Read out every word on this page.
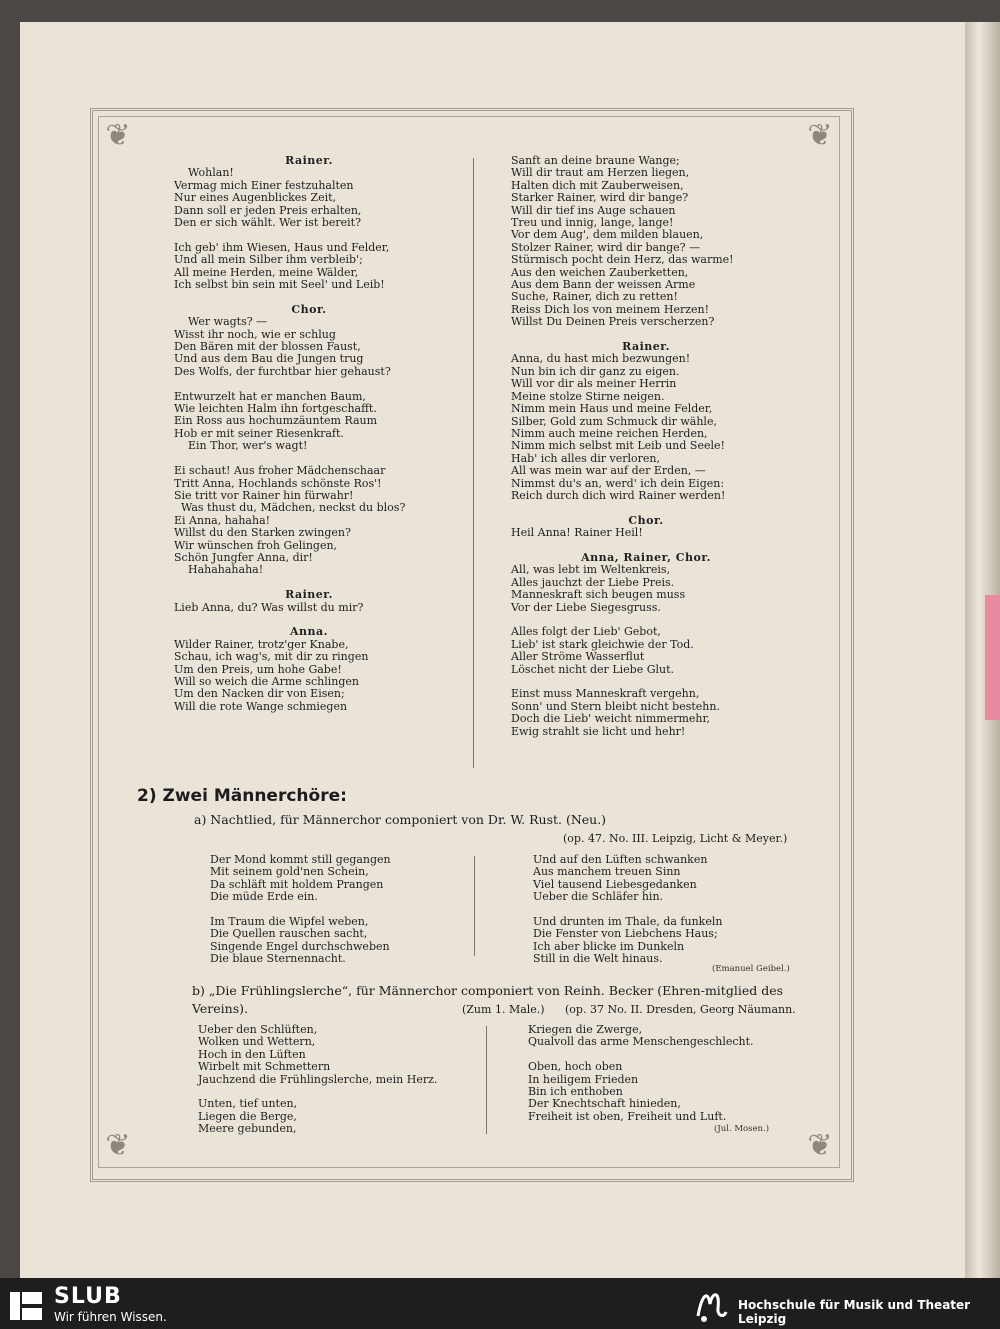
❦	❦
❦	❦
Rainer.
Wohlan!
Vermag mich Einer festzuhalten
Nur eines Augenblickes Zeit,
Dann soll er jeden Preis erhalten,
Den er sich wählt. Wer ist bereit?
Ich geb' ihm Wiesen, Haus und Felder,
Und all mein Silber ihm verbleib';
All meine Herden, meine Wälder,
Ich selbst bin sein mit Seel' und Leib!
Chor.
Wer wagts? —
Wisst ihr noch, wie er schlug
Den Bären mit der blossen Faust,
Und aus dem Bau die Jungen trug
Des Wolfs, der furchtbar hier gehaust?
Entwurzelt hat er manchen Baum,
Wie leichten Halm ihn fortgeschafft.
Ein Ross aus hochumzäuntem Raum
Hob er mit seiner Riesenkraft.
Ein Thor, wer's wagt!
Ei schaut! Aus froher Mädchenschaar
Tritt Anna, Hochlands schönste Ros'!
Sie tritt vor Rainer hin fürwahr!
Was thust du, Mädchen, neckst du blos?
Ei Anna, hahaha!
Willst du den Starken zwingen?
Wir wünschen froh Gelingen,
Schön Jungfer Anna, dir!
Hahahahaha!
Rainer.
Lieb Anna, du? Was willst du mir?
Anna.
Wilder Rainer, trotz'ger Knabe,
Schau, ich wag's, mit dir zu ringen
Um den Preis, um hohe Gabe!
Will so weich die Arme schlingen
Um den Nacken dir von Eisen;
Will die rote Wange schmiegen
Sanft an deine braune Wange;
Will dir traut am Herzen liegen,
Halten dich mit Zauberweisen,
Starker Rainer, wird dir bange?
Will dir tief ins Auge schauen
Treu und innig, lange, lange!
Vor dem Aug', dem milden blauen,
Stolzer Rainer, wird dir bange? —
Stürmisch pocht dein Herz, das warme!
Aus den weichen Zauberketten,
Aus dem Bann der weissen Arme
Suche, Rainer, dich zu retten!
Reiss Dich los von meinem Herzen!
Willst Du Deinen Preis verscherzen?
Rainer.
Anna, du hast mich bezwungen!
Nun bin ich dir ganz zu eigen.
Will vor dir als meiner Herrin
Meine stolze Stirne neigen.
Nimm mein Haus und meine Felder,
Silber, Gold zum Schmuck dir wähle,
Nimm auch meine reichen Herden,
Nimm mich selbst mit Leib und Seele!
Hab' ich alles dir verloren,
All was mein war auf der Erden, —
Nimmst du's an, werd' ich dein Eigen:
Reich durch dich wird Rainer werden!
Chor.
Heil Anna! Rainer Heil!
Anna, Rainer, Chor.
All, was lebt im Weltenkreis,
Alles jauchzt der Liebe Preis.
Manneskraft sich beugen muss
Vor der Liebe Siegesgruss.
Alles folgt der Lieb' Gebot,
Lieb' ist stark gleichwie der Tod.
Aller Ströme Wasserflut
Löschet nicht der Liebe Glut.
Einst muss Manneskraft vergehn,
Sonn' und Stern bleibt nicht bestehn.
Doch die Lieb' weicht nimmermehr,
Ewig strahlt sie licht und hehr!
2) Zwei Männerchöre:
a) Nachtlied, für Männerchor componiert von Dr. W. Rust. (Neu.)
(op. 47. No. III. Leipzig, Licht & Meyer.)
Der Mond kommt still gegangen
Mit seinem gold'nen Schein,
Da schläft mit holdem Prangen
Die müde Erde ein.
Im Traum die Wipfel weben,
Die Quellen rauschen sacht,
Singende Engel durchschweben
Die blaue Sternennacht.
Und auf den Lüften schwanken
Aus manchem treuen Sinn
Viel tausend Liebesgedanken
Ueber die Schläfer hin.
Und drunten im Thale, da funkeln
Die Fenster von Liebchens Haus;
Ich aber blicke im Dunkeln
Still in die Welt hinaus.
(Emanuel Geibel.)
b) „Die Frühlingslerche“, für Männerchor componiert von Reinh. Becker (Ehren-mitglied des Vereins).	(Zum 1. Male.) (op. 37 No. II. Dresden, Georg Näumann.
Ueber den Schlüften,
Wolken und Wettern,
Hoch in den Lüften
Wirbelt mit Schmettern
Jauchzend die Frühlingslerche, mein Herz.
Unten, tief unten,
Liegen die Berge,
Meere gebunden,
Kriegen die Zwerge,
Qualvoll das arme Menschengeschlecht.
Oben, hoch oben
In heiligem Frieden
Bin ich enthoben
Der Knechtschaft hinieden,
Freiheit ist oben, Freiheit und Luft.
(Jul. Mosen.)
SLUB
Wir führen Wissen.
Hochschule für Musik und Theater Leipzig
